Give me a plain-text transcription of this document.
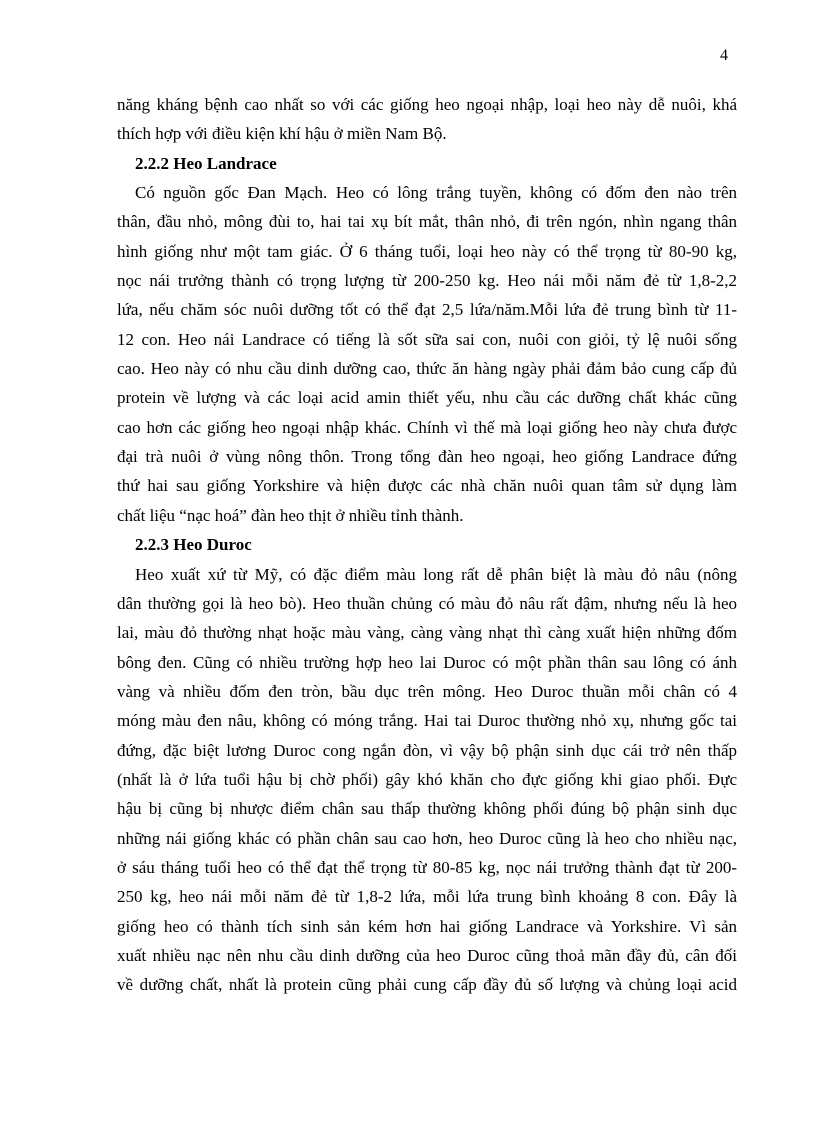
4
năng kháng bệnh cao nhất so với các giống heo ngoại nhập, loại heo này dễ nuôi, khá
thích hợp với điều kiện khí hậu ở miền Nam Bộ.
2.2.2 Heo Landrace
Có nguồn gốc Đan Mạch. Heo có lông trắng tuyền, không có đốm đen nào trên
thân, đầu nhỏ, mông đùi to, hai tai xụ bít mắt, thân nhỏ, đi trên ngón, nhìn ngang thân
hình giống như một tam giác. Ở 6 tháng tuổi, loại heo này có thể trọng từ 80-90 kg,
nọc nái trưởng thành có trọng lượng từ 200-250 kg. Heo nái mỗi năm đẻ từ 1,8-2,2
lứa, nếu chăm sóc nuôi dưỡng tốt có thể đạt 2,5 lứa/năm.Mỗi lứa đẻ trung bình từ 11-
12 con. Heo nái Landrace có tiếng là sốt sữa sai con, nuôi con giỏi, tỷ lệ nuôi sống
cao. Heo này có nhu cầu dinh dưỡng cao, thức ăn hàng ngày phải đảm bảo cung cấp đủ
protein về lượng và các loại acid amin thiết yếu, nhu cầu các dưỡng chất khác cũng
cao hơn các giống heo ngoại nhập khác. Chính vì thế mà loại giống heo này chưa được
đại trà nuôi ở vùng nông thôn. Trong tổng đàn heo ngoại, heo giống Landrace đứng
thứ hai sau giống Yorkshire và hiện được các nhà chăn nuôi quan tâm sử dụng làm
chất liệu “nạc hoá” đàn heo thịt ở nhiều tỉnh thành.
2.2.3 Heo Duroc
Heo xuất xứ từ Mỹ, có đặc điểm màu long rất dễ phân biệt là màu đỏ nâu (nông
dân thường gọi là heo bò). Heo thuần chủng có màu đỏ nâu rất đậm, nhưng nếu là heo
lai, màu đỏ thường nhạt hoặc màu vàng, càng vàng nhạt thì càng xuất hiện những đốm
bông đen. Cũng có nhiều trường hợp heo lai Duroc có một phần thân sau lông có ánh
vàng và nhiều đốm đen tròn, bầu dục trên mông. Heo Duroc thuần mỗi chân có 4
móng màu đen nâu, không có móng trắng. Hai tai Duroc thường nhỏ xụ, nhưng gốc tai
đứng, đặc biệt lương Duroc cong ngắn đòn, vì vậy bộ phận sinh dục cái trở nên thấp
(nhất là ở lứa tuổi hậu bị chờ phối) gây khó khăn cho đực giống khi giao phối. Đực
hậu bị cũng bị nhược điểm chân sau thấp thường không phối đúng bộ phận sinh dục
những nái giống khác có phần chân sau cao hơn, heo Duroc cũng là heo cho nhiều nạc,
ở sáu tháng tuổi heo có thể đạt thể trọng từ 80-85 kg, nọc nái trưởng thành đạt từ 200-
250 kg, heo nái mỗi năm đẻ từ 1,8-2 lứa, mỗi lứa trung bình khoảng 8 con. Đây là
giống heo có thành tích sinh sản kém hơn hai giống Landrace và Yorkshire. Vì sản
xuất nhiều nạc nên nhu cầu dinh dưỡng của heo Duroc cũng thoả mãn đầy đủ, cân đối
về dưỡng chất, nhất là protein cũng phải cung cấp đầy đủ số lượng và chủng loại acid
